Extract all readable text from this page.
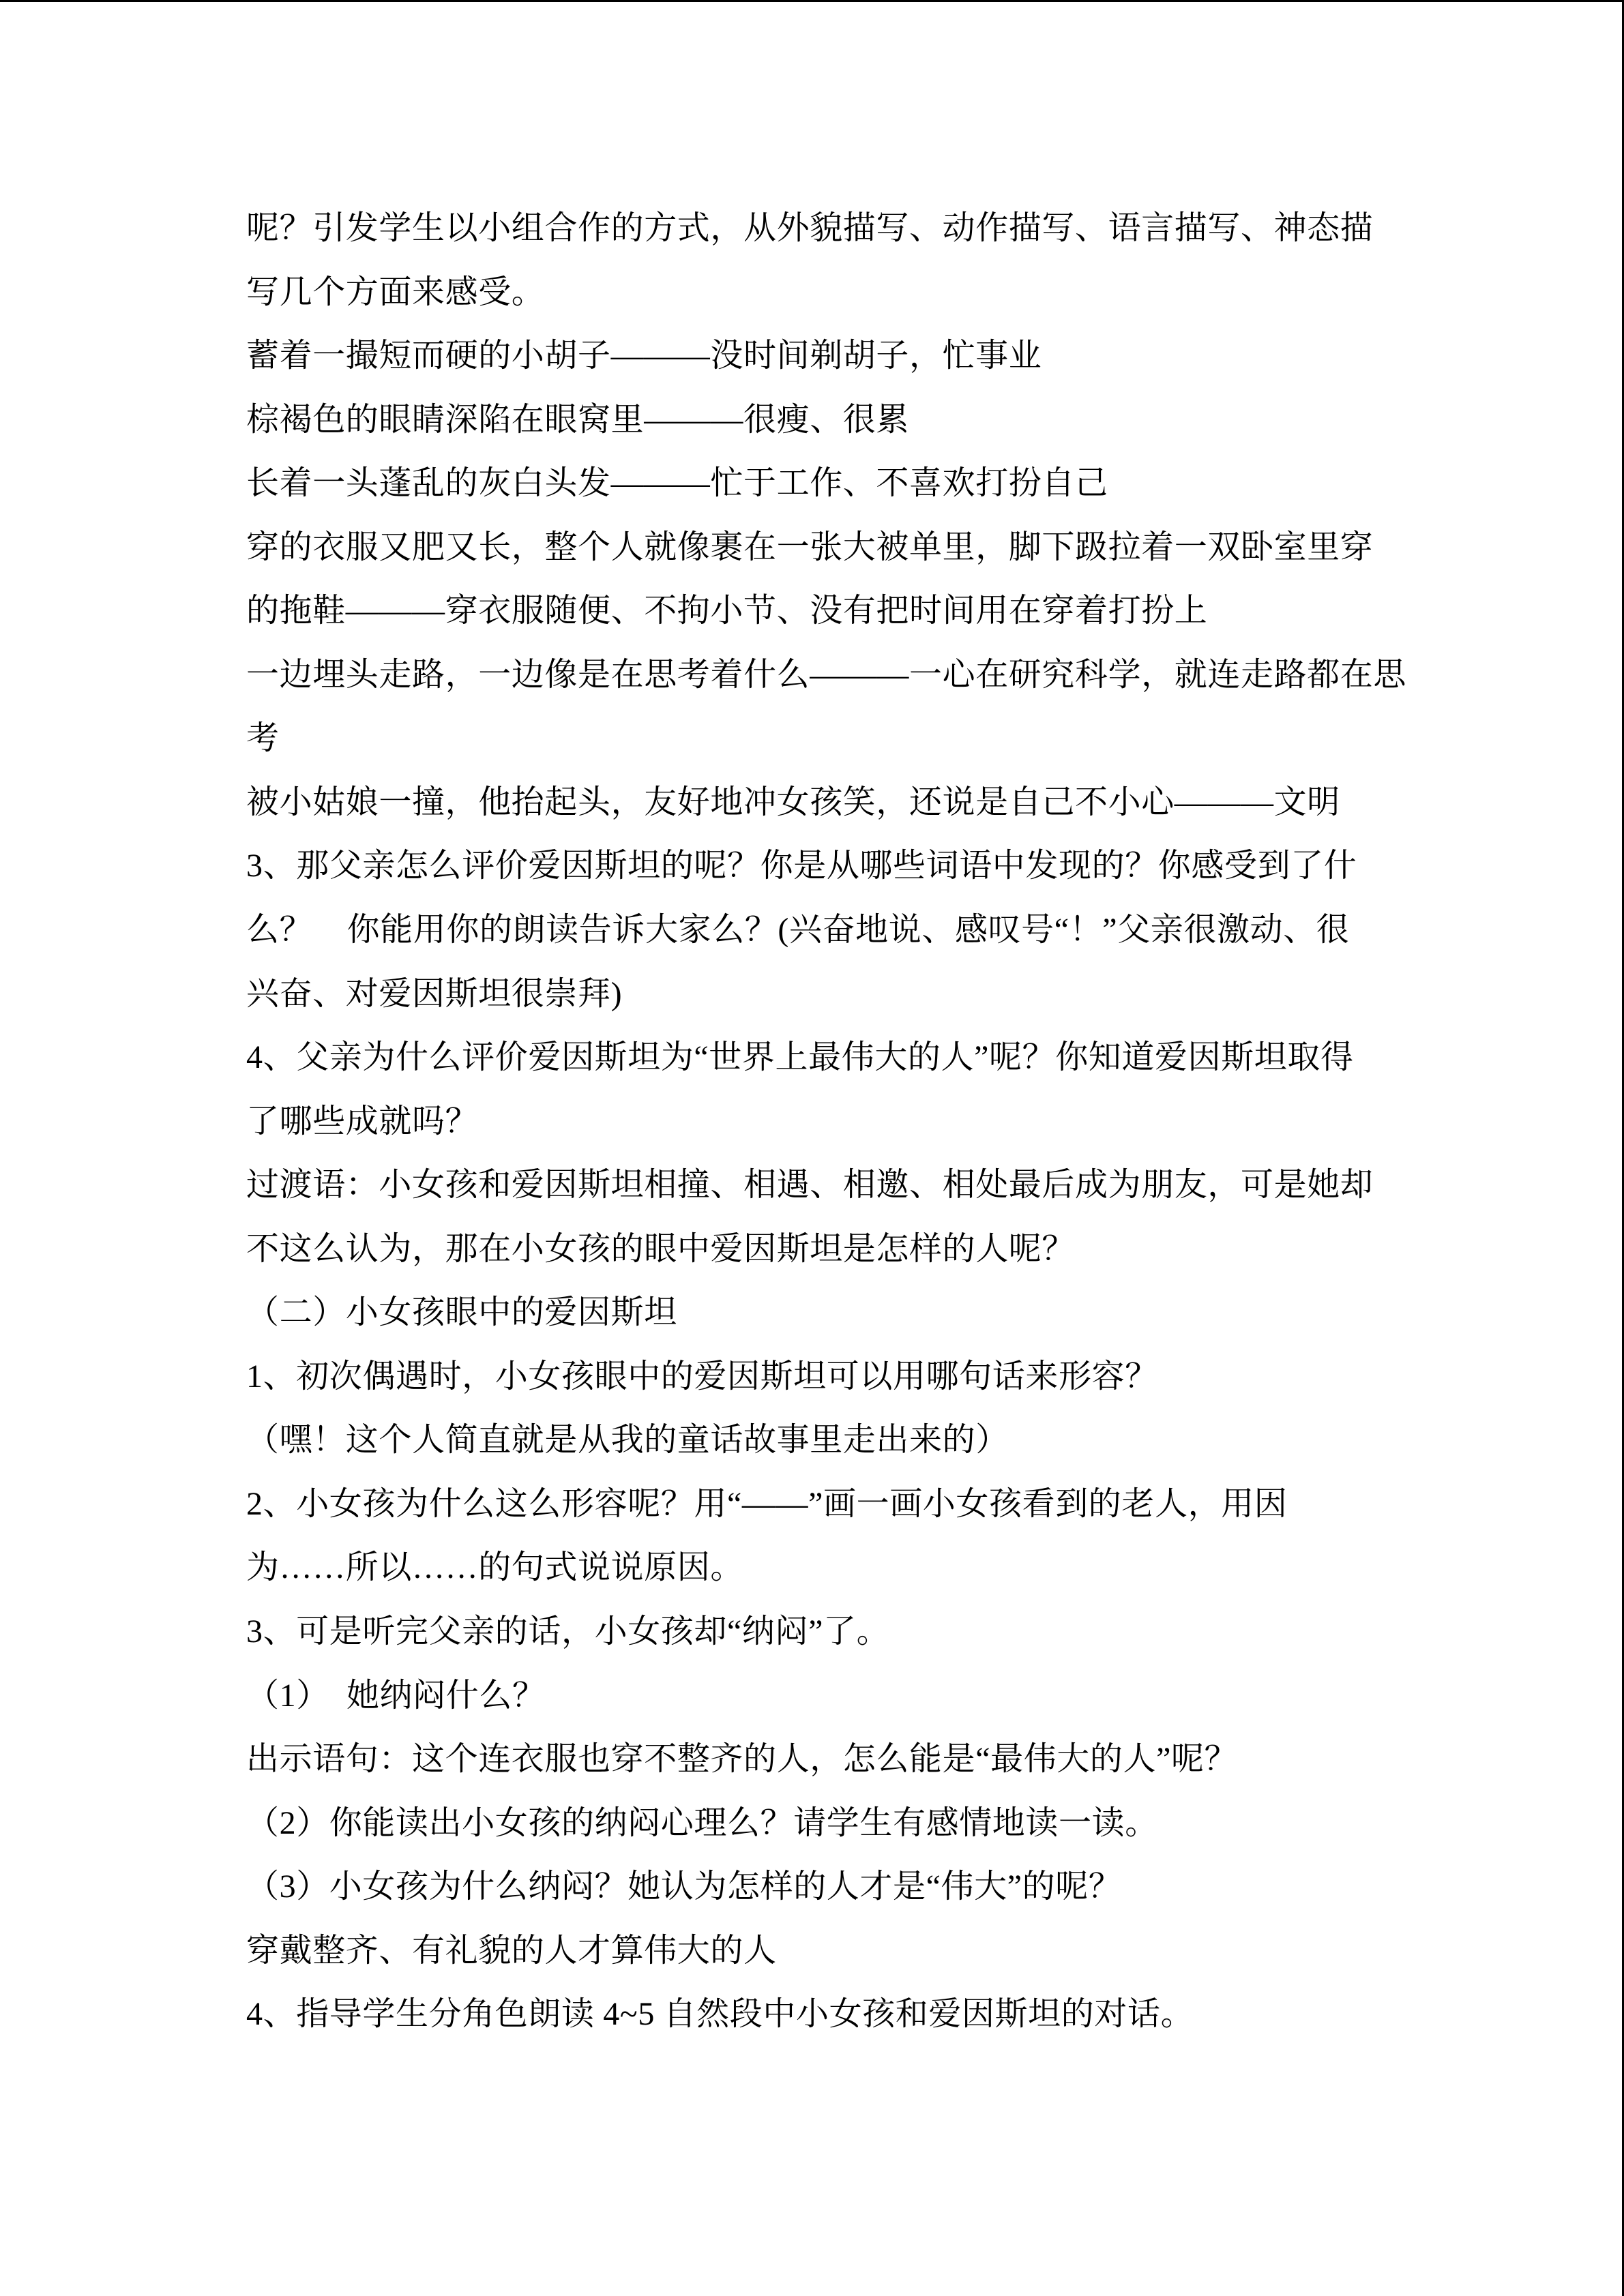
呢？引发学生以小组合作的方式，从外貌描写、动作描写、语言描写、神态描
写几个方面来感受。
蓄着一撮短而硬的小胡子———没时间剃胡子，忙事业
棕褐色的眼睛深陷在眼窝里———很瘦、很累
长着一头蓬乱的灰白头发———忙于工作、不喜欢打扮自己
穿的衣服又肥又长，整个人就像裹在一张大被单里，脚下趿拉着一双卧室里穿
的拖鞋———穿衣服随便、不拘小节、没有把时间用在穿着打扮上
一边埋头走路，一边像是在思考着什么———一心在研究科学，就连走路都在思
考
被小姑娘一撞，他抬起头，友好地冲女孩笑，还说是自己不小心———文明
3、那父亲怎么评价爱因斯坦的呢？你是从哪些词语中发现的？你感受到了什
么？    你能用你的朗读告诉大家么？(兴奋地说、感叹号“！”父亲很激动、很
兴奋、对爱因斯坦很崇拜)
4、父亲为什么评价爱因斯坦为“世界上最伟大的人”呢？你知道爱因斯坦取得
了哪些成就吗？
过渡语：小女孩和爱因斯坦相撞、相遇、相邀、相处最后成为朋友，可是她却
不这么认为，那在小女孩的眼中爱因斯坦是怎样的人呢？
（二）小女孩眼中的爱因斯坦
1、初次偶遇时，小女孩眼中的爱因斯坦可以用哪句话来形容？
（嘿！这个人简直就是从我的童话故事里走出来的）
2、小女孩为什么这么形容呢？用“——”画一画小女孩看到的老人，用因
为……所以……的句式说说原因。
3、可是听完父亲的话，小女孩却“纳闷”了。
（1）  她纳闷什么？
出示语句：这个连衣服也穿不整齐的人，怎么能是“最伟大的人”呢？
（2）你能读出小女孩的纳闷心理么？请学生有感情地读一读。
（3）小女孩为什么纳闷？她认为怎样的人才是“伟大”的呢？
穿戴整齐、有礼貌的人才算伟大的人
4、指导学生分角色朗读 4~5 自然段中小女孩和爱因斯坦的对话。
